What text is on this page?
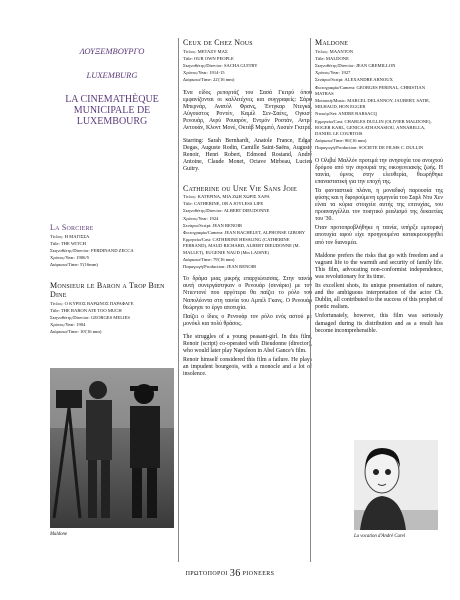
ΛΟΥΞΕΜΒΟΥΡΓΟ

LUXEMBURG

LA CINEMATHÈQUE MUNICIPALE DE LUXEMBOURG

La Sorciere

Τίτλος: Η ΜΑΓΙΣΣΑ

Title: THE WITCH

Σκηνοθέτης/Director: FERDINAND ZECCA

Χρόνος/Year: 1906/5

Διάρκεια/Time: 5'(16mm)

Monsieur le Baron a Trop Bien Dine

Τίτλος: Ο ΚΥΡΙΟΣ ΒΑΡΩΝΟΣ ΠΑΡΑΦΑΓΕ

Title: THE BARON ATE TOO MUCH

Σκηνοθέτης/Director: GEORGES MELIES

Χρόνος/Year: 1904

Διάρκεια/Time: 10'(16 mm)

Maldone

Ceux de Chez Nous

Τίτλος: ΜΕΤΑΞΥ ΜΑΣ

Title: OUR OWN PEOPLE

Σκηνοθέτης/Director: SACHA GUITRY

Χρόνος/Year: 1914-15

Διάρκεια/Time: 22'(16 mm)

Ένα είδος ρεπορτάζ του Σασά Γκιτρύ όπου εμφανίζονται οι καλλιτέχνες και συγγραφείς: Σάρα Μπερνάρ, Ανατόλ Φρανς, Έντγκαρ Ντεγκά, Αύγουστος Ροντέν, Καμίλ Σεν-Σαένς, Ογκιστ Ρενουάρ, Ανρύ Ρουαρόν, Εντμόν Ροστάν, Αντρέ Αντουάν, Κλοντ Μονέ, Οκτάβ Μιρμπό, Λυσιέν Γκιτρύ.

Starring: Sarah Bernhardt, Anatole France, Edgar Degas, Auguste Rodin, Camille Saint-Saëns, Auguste Renoir, Henri Robert, Edmond Rostand, André Antoine, Claude Monet, Octave Mirbeau, Lucien Guitry.

Catherine ou Une Vie Sans Joie

Τίτλος: ΚΑΤΕΡΙΝΑ, ΜΙΑ ΖΩΗ ΧΩΡΙΣ ΧΑΡΑ

Title: CATHERINE, OR A JOYLESS LIFE

Σκηνοθέτης/Director: ALBERT DIEUDONNE

Χρόνος/Year: 1924

Σενάριο/Script: JEAN RENOIR

Φωτογραφία/Camera: JEAN BACHELET, ALPHONSE GIBORY

Ερμηνεία/Cast: CATHERINE HESSLING (CATHERINE FERRAND), MAUD RICHARD, ALBERT DIEUDONNE (M. MALLET), EUGENIE NAUD (Mrs LAISNE)

Διάρκεια/Time: 79'(16 mm)

Παραγωγή/Production: JEAN RENOIR

Το δράμα μιας μικρής επαρχιώτισσας. Στην ταινία αυτή συνεργάστηκαν ο Ρενουάρ (σενάριο) με τον Ντιεντονέ που αργότερα θα παίζει το ρόλο του Ναπολέοντα στη ταινία του Αμπέλ Γκανς. Ο Ρενουάρ θεώρησε το έργο αποτυχία.

Παίζει ο ίδιος ο Ρενουάρ τον ρόλο ενός αστού με μονόκλ και πολύ θράσος.

The struggles of a young peasant-girl. In this film, Renoir (script) co-operated with Dieudonne (director), who would later play Napoleon in Abel Gance's film.

Renoir himself considered this film a failure. He plays an impudent bourgeois, with a monocle and a lot of insolence.

Maldone

Τίτλος: ΜΑΛΝΤΟΝ

Title: MALDONE

Σκηνοθέτης/Director: JEAN GREMILLON

Χρόνος/Year: 1927

Σενάριο/Script: ALEXANDRE ARNOUX

Φωτογραφία/Camera: GEORGES PERINAL, CHRISTIAN MATRAS

Μουσική/Music: MARCEL DELANNOY, JAUBERT, SATIE, MILHAUD, HON EGGER

Ντεκόρ/Set: ANDRE BARSACQ

Ερμηνεία/Cast: CHARLES DULLIN (OLIVIER MALDONE), ROGER KARL, GENICA ATHANASIOU, ANNABELLA, DANIEL LE COURTOIS

Διάρκεια/Time: 86'(16 mm)

Παραγωγή/Production: SOCIETE DE FILMS C. DULLIN

Ο Ολιβιέ Μαλλόν προτιμά την ανησυχία του ανοιχτού δρόμου από την σιγουριά της οικογενειακής ζωής. Η ταινία, ύμνος στην ελευθερία, θεωρήθηκε επαναστατική για την εποχή της.

Τα φανταστικά πλάνα, η μοναδική παρουσία της φύσης και η διφορούμενη ερμηνεία του Σαρλ Ντυ Χεν είναι τα κύρια στοιχεία αυτής της επιτυχίας, του προαναγγέλλει τον ποιητικό ρεαλισμό της δεκαετίας του '30.

Όταν προτοπροβλήθηκε η ταινία, υπήρξε εμπορική αποτυχία αφού είχε προηγουμένα κατακρεουργηθεί από τον διανομέα.

Maldone prefers the risks that go with freedom and a vagrant life to the warmth and security of family life. This film, advocating non-conformist independence, was revolutionary for its time.

Its excellent shots, its unique presentation of nature, and the ambiguous interpretation of the actor Ch. Dublin, all contributed to the success of this prophet of poetic realism.

Unfortunately, however, this film was seriously damaged during its distribution and as a result has become incomprehensible.

La vocation d'André Carel

ΠΡΩΤΟΠΟΡΟΙ 36 PIONEERS
